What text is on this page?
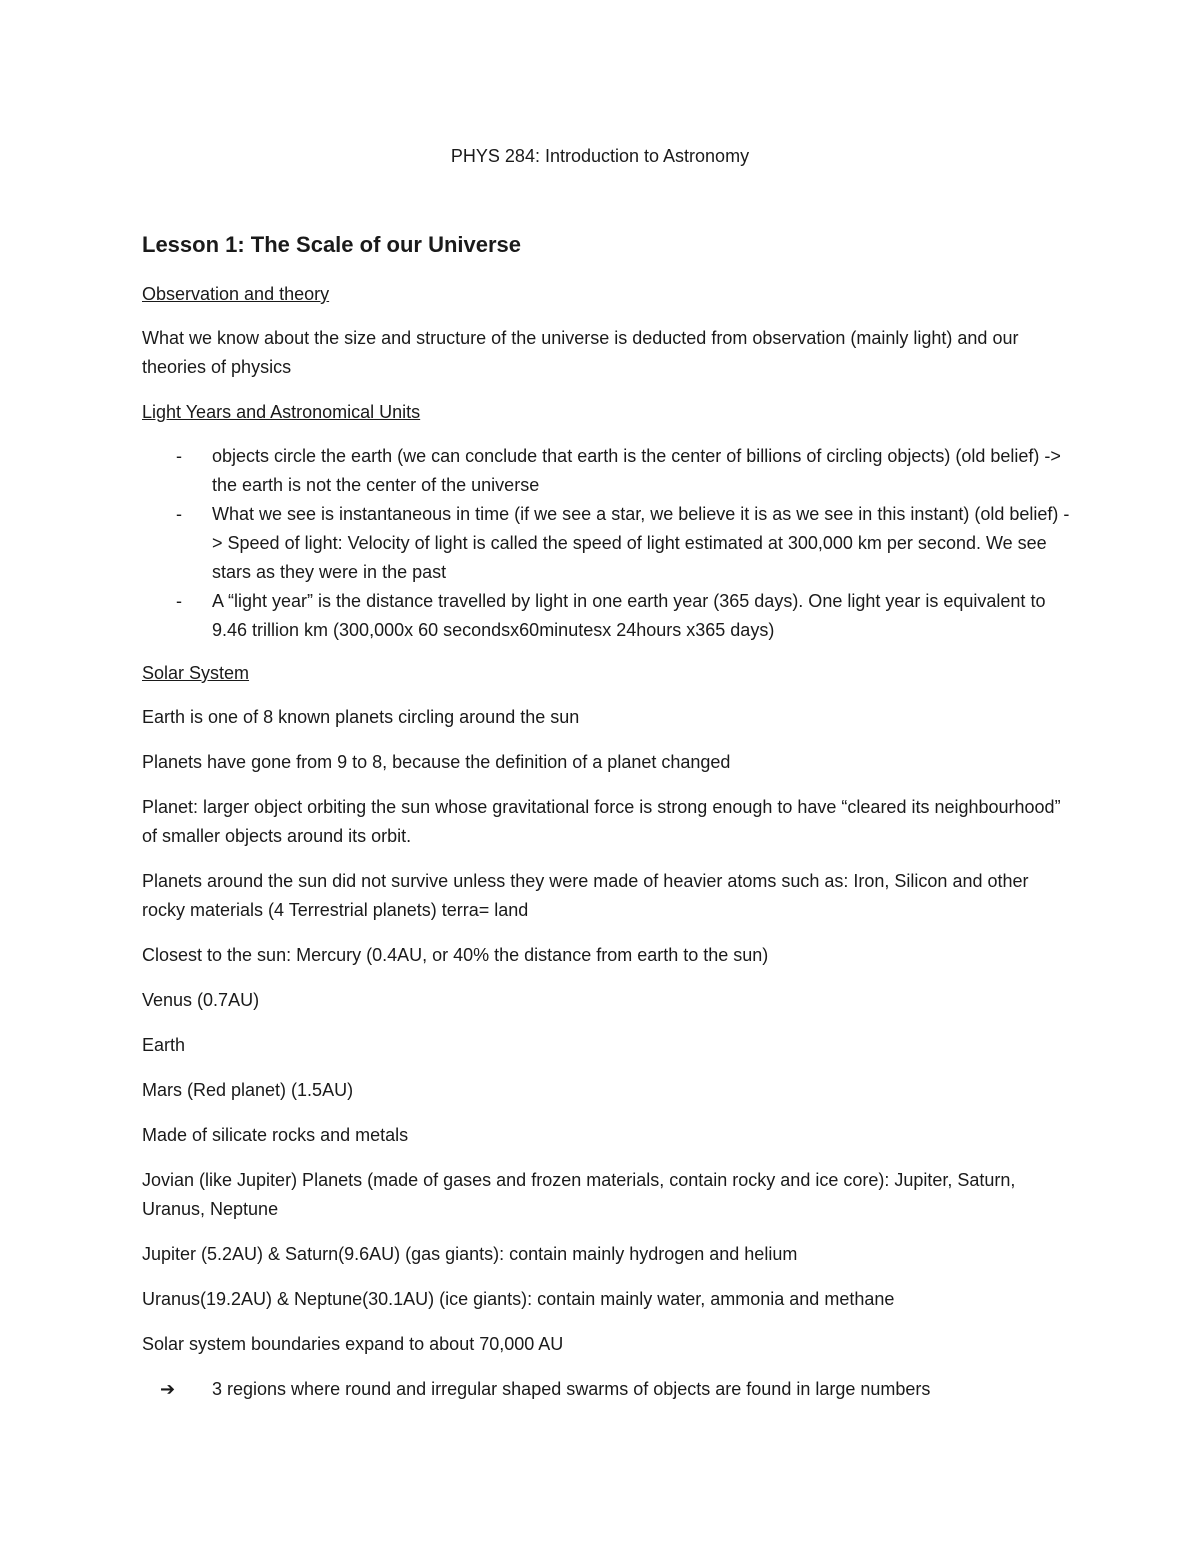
PHYS 284: Introduction to Astronomy
Lesson 1: The Scale of our Universe
Observation and theory

What we know about the size and structure of the universe is deducted from observation (mainly light) and our theories of physics

Light Years and Astronomical Units
- objects circle the earth (we can conclude that earth is the center of billions of circling objects) (old belief) -> the earth is not the center of the universe
- What we see is instantaneous in time (if we see a star, we believe it is as we see in this instant) (old belief) -> Speed of light: Velocity of light is called the speed of light estimated at 300,000 km per second. We see stars as they were in the past
- A “light year” is the distance travelled by light in one earth year (365 days). One light year is equivalent to 9.46 trillion km (300,000x 60 secondsx60minutesx 24hours x365 days)
Solar System

Earth is one of 8 known planets circling around the sun

Planets have gone from 9 to 8, because the definition of a planet changed

Planet: larger object orbiting the sun whose gravitational force is strong enough to have “cleared its neighbourhood” of smaller objects around its orbit.

Planets around the sun did not survive unless they were made of heavier atoms such as: Iron, Silicon and other rocky materials (4 Terrestrial planets) terra= land

Closest to the sun: Mercury (0.4AU, or 40% the distance from earth to the sun)

Venus (0.7AU)

Earth

Mars (Red planet) (1.5AU)

Made of silicate rocks and metals

Jovian (like Jupiter) Planets (made of gases and frozen materials, contain rocky and ice core): Jupiter, Saturn, Uranus, Neptune

Jupiter (5.2AU) & Saturn(9.6AU) (gas giants): contain mainly hydrogen and helium

Uranus(19.2AU) & Neptune(30.1AU) (ice giants): contain mainly water, ammonia and methane

Solar system boundaries expand to about 70,000 AU

➔ 3 regions where round and irregular shaped swarms of objects are found in large numbers
